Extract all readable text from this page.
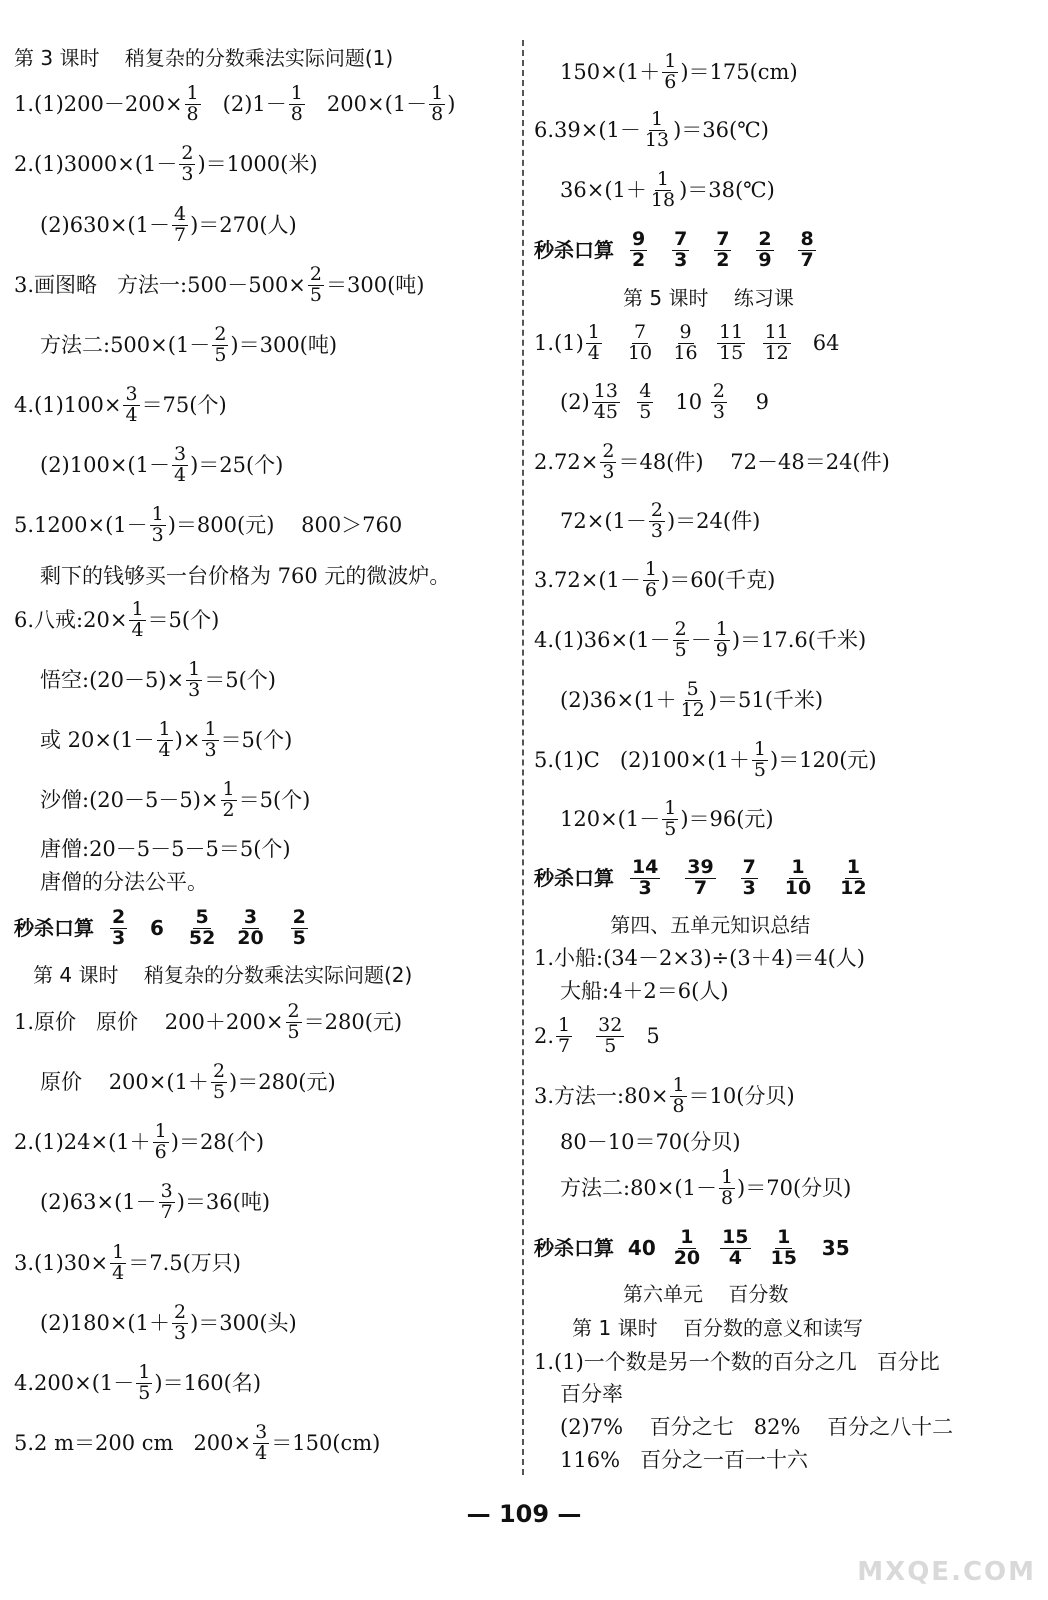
第 3 课时    稍复杂的分数乘法实际问题(1)
$1.(1)200-200\times \frac{1}{8} (2)1- \frac{1}{8} 200\times(1- \frac{1}{8}$ )
$2.(1)3000\times(1- \frac{2}{3} )=1000$(米)
$(2)630\times(1- \frac{4}{7} )=270$(人)
3.画图略   方法一:500－500× $\frac{2}{5} =300$(吨)
方法二:500×(1－ $\frac{2}{5} )=300$(吨)
$4.(1)100\times \frac{3}{4} =75$(个)
$(2)100\times(1- \frac{3}{4} )=25$(个)
$5.1200\times(1- \frac{1}{3} )=800$(元)    800＞760
剩下的钱够买一台价格为 760 元的微波炉。
6.八戒:20× $\frac{1}{4} =5$(个)
悟空:(20－5)× $\frac{1}{3} =5$(个)
或 $20\times(1- \frac{1}{4}$ )× $\frac{1}{3} =5$(个)
沙僧:(20－5－5)× $\frac{1}{2} =5$(个)
唐僧:20－5－5－5＝5(个)
唐僧的分法公平。
秒杀口算 $\frac{2}{3} 6 \frac{5}{52}$
$\frac{3}{20}$
$\frac{2}{5}$
第 4 课时    稍复杂的分数乘法实际问题(2)
1.原价   原价    $200+200\times \frac{2}{5} =280$(元)
原价    $200\times(1+ \frac{2}{5} )=280$(元)
$2.(1)24\times(1+ \frac{1}{6} )=28$(个)
$(2)63\times(1- \frac{3}{7} )=36$(吨)
$3.(1)30\times \frac{1}{4} =7.5$(万只)
$(2)180\times(1+ \frac{2}{3} )=300$(头)
$4.200\times(1- \frac{1}{5} )=160$(名)
5.2 m＝200 cm   $200\times \frac{3}{4} =150(cm)$
$150\times(1+ \frac{1}{6} )=175(cm)$
$6.39\times(1- \frac{1}{13}$ )＝36(℃)
$36\times(1+ \frac{1}{18}$ )＝38(℃)
秒杀口算 $\frac{9}{2}$
$\frac{7}{3}$
$\frac{7}{2}$
$\frac{2}{9}$
$\frac{8}{7}$
第 5 课时    练习课
$1.(1) \frac{1}{4}$
$\frac{7}{10}$
$\frac{9}{16}$
$\frac{11}{15}$
$\frac{11}{12} 64$
$(2) \frac{13}{45}$
$\frac{4}{5} 10 \frac{2}{3} 9$
$2.72\times \frac{2}{3} =48$(件)    72－48＝24(件)
$72\times(1- \frac{2}{3} )=24$(件)
$3.72\times(1- \frac{1}{6} )=60$(千克)
$4.(1)36\times(1- \frac{2}{5} - \frac{1}{9} )=17.6$(千米)
$(2)36\times(1+ \frac{5}{12} )=51$(千米)
5.(1)C   $(2)100\times(1+ \frac{1}{5} )=120$(元)
$120\times(1- \frac{1}{5} )=96$(元)
秒杀口算 $\frac{14}{3}$
$\frac{39}{7}$
$\frac{7}{3}$
$\frac{1}{10}$
$\frac{1}{12}$
第四、五单元知识总结
1.小船:(34－2×3)÷(3＋4)＝4(人)
大船:4＋2＝6(人)
2. $\frac{1}{7}$
$\frac{32}{5} 5$
3.方法一:80× $\frac{1}{8} =10$(分贝)
80－10＝70(分贝)
方法二:80×(1－ $\frac{1}{8} )=70$(分贝)
秒杀口算  $40 \frac{1}{20}$
$\frac{15}{4}$
$\frac{1}{15} 35$
第六单元    百分数
第 1 课时    百分数的意义和读写
1.(1)一个数是另一个数的百分之几   百分比
百分率
(2)7%    百分之七   82%    百分之八十二
116%   百分之一百一十六
— 109 —
MXQE.COM
